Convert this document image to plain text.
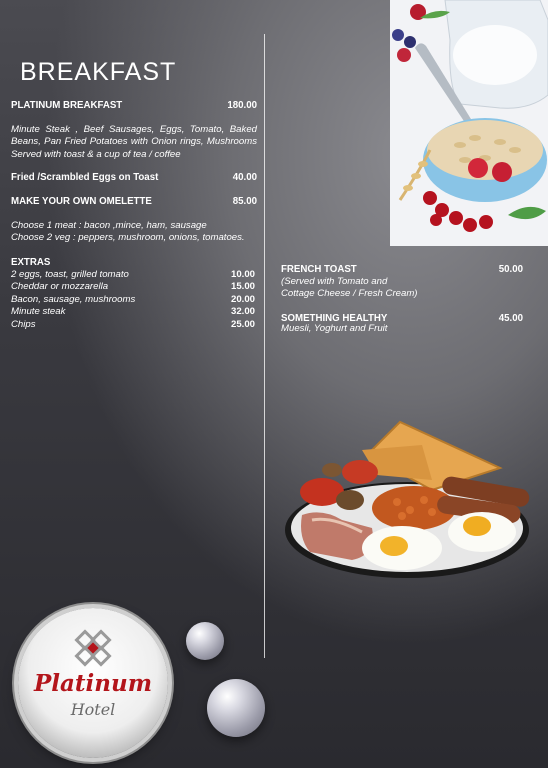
BREAKFAST
PLATINUM BREAKFAST	180.00
Minute Steak , Beef Sausages, Eggs, Tomato, Baked Beans, Pan Fried Potatoes with Onion rings, Mushrooms Served with toast & a cup of tea / coffee
Fried /Scrambled Eggs on Toast	40.00
MAKE YOUR OWN OMELETTE	85.00
Choose 1 meat : bacon ,mince, ham, sausage
Choose 2 veg : peppers, mushroom, onions, tomatoes.
EXTRAS
2 eggs, toast, grilled tomato	10.00
Cheddar or mozzarella	15.00
Bacon, sausage, mushrooms	20.00
Minute steak	32.00
Chips	25.00
FRENCH TOAST	50.00
(Served with Tomato and
Cottage Cheese / Fresh Cream)
SOMETHING HEALTHY	45.00
Muesli, Yoghurt and Fruit
Platinum
Hotel
